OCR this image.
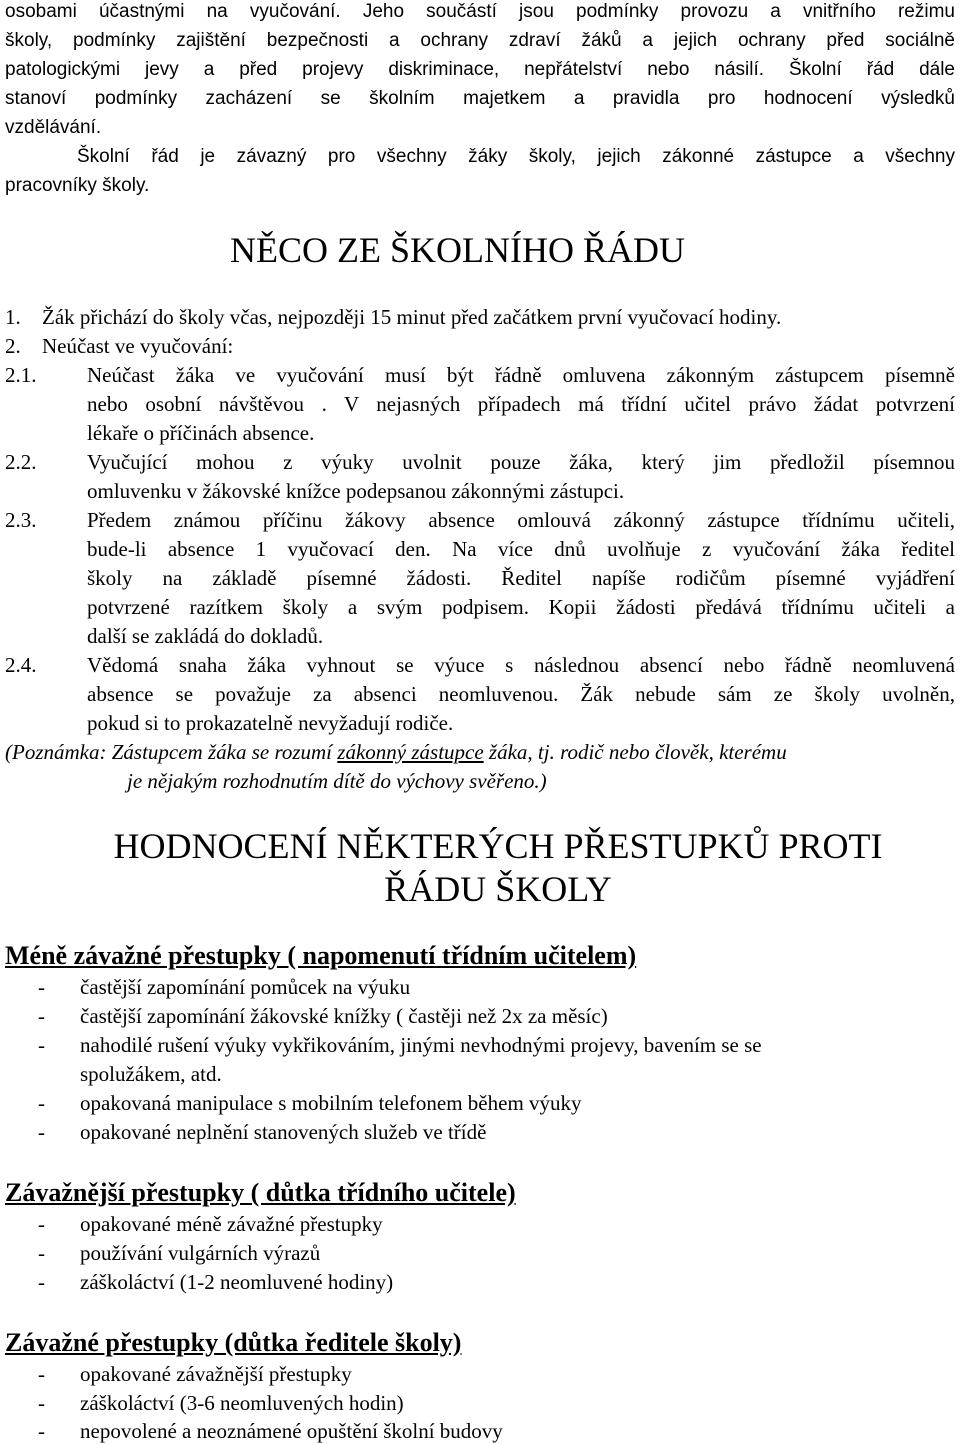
osobami účastnými na vyučování. Jeho součástí jsou podmínky provozu a vnitřního režimu
školy, podmínky zajištění bezpečnosti a ochrany zdraví žáků a jejich ochrany před sociálně
patologickými jevy a před projevy diskriminace, nepřátelství nebo násilí. Školní řád dále
stanoví podmínky zacházení se školním majetkem a pravidla pro hodnocení výsledků
vzdělávání.
Školní řád je závazný pro všechny žáky školy, jejich zákonné zástupce a všechny
pracovníky školy.
NĚCO ZE ŠKOLNÍHO ŘÁDU
1. Žák přichází do školy včas, nejpozději 15 minut před začátkem první vyučovací hodiny.
2. Neúčast ve vyučování:
2.1. Neúčast žáka ve vyučování musí být řádně omluvena zákonným zástupcem písemně
nebo osobní návštěvou . V nejasných případech má třídní učitel právo žádat potvrzení
lékaře o příčinách absence.
2.2. Vyučující mohou z výuky uvolnit pouze žáka, který jim předložil písemnou
omluvenku v žákovské knížce podepsanou zákonnými zástupci.
2.3. Předem známou příčinu žákovy absence omlouvá zákonný zástupce třídnímu učiteli,
bude-li absence 1 vyučovací den. Na více dnů uvolňuje z vyučování žáka ředitel
školy na základě písemné žádosti. Ředitel napíše rodičům písemné vyjádření
potvrzené razítkem školy a svým podpisem. Kopii žádosti předává třídnímu učiteli a
další se zakládá do dokladů.
2.4. Vědomá snaha žáka vyhnout se výuce s následnou absencí nebo řádně neomluvená
absence se považuje za absenci neomluvenou. Žák nebude sám ze školy uvolněn,
pokud si to prokazatelně nevyžadují rodiče.
(Poznámka: Zástupcem žáka se rozumí zákonný zástupce žáka, tj. rodič nebo člověk, kterému
je nějakým rozhodnutím dítě do výchovy svěřeno.)
HODNOCENÍ NĚKTERÝCH PŘESTUPKŮ PROTI
ŘÁDU ŠKOLY
Méně závažné přestupky ( napomenutí třídním učitelem)
- častější zapomínání pomůcek na výuku
- častější zapomínání žákovské knížky ( častěji než 2x za měsíc)
- nahodilé rušení výuky vykřikováním, jinými nevhodnými projevy, bavením se se
spolužákem, atd.
- opakovaná manipulace s mobilním telefonem během výuky
- opakované neplnění stanovených služeb ve třídě
Závažnější přestupky ( důtka třídního učitele)
- opakované méně závažné přestupky
- používání vulgárních výrazů
- záškoláctví (1-2 neomluvené hodiny)
Závažné přestupky (důtka ředitele školy)
- opakované závažnější přestupky
- záškoláctví (3-6 neomluvených hodin)
- nepovolené a neoznámené opuštění školní budovy
